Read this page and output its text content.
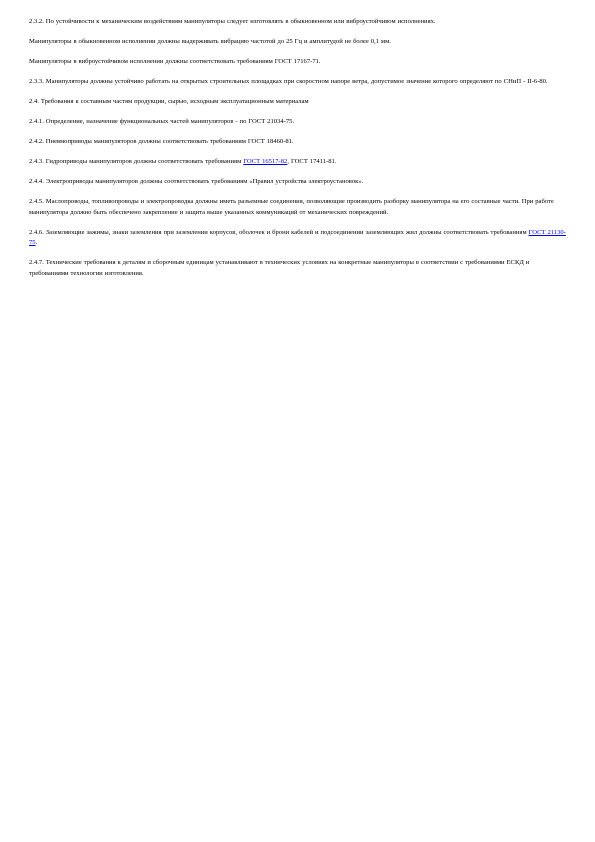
2.3.2. По устойчивости к механическим воздействиям манипуляторы следует изготовлять в обыкновенном или виброустойчивом исполнениях.

Манипуляторы в обыкновенном исполнении должны выдерживать вибрацию частотой до 25 Гц и амплитудой не более 0,1 мм.

Манипуляторы в виброустойчивом исполнении должны соответствовать требованиям ГОСТ 17167-71.

2.3.3. Манипуляторы должны устойчиво работать на открытых строительных площадках при скоростном напоре ветра, допустимое значение которого определяют по СНиП - II-6-80.

2.4. Требования к составным частям продукции, сырью, исходным эксплуатационным материалам

2.4.1. Определение, назначение функциональных частей манипуляторов - по ГОСТ 21034-75.

2.4.2. Пневмоприводы манипуляторов должны соответствовать требованиям ГОСТ 18460-81.

2.4.3. Гидроприводы манипуляторов должны соответствовать требованиям ГОСТ 16517-82, ГОСТ 17411-81.

2.4.4. Электроприводы манипуляторов должны соответствовать требованиям «Правил устройства электроустановок».

2.4.5. Маслопроводы, топливопроводы и электропроводка должны иметь разъемные соединения, позволяющие производить разборку манипулятора на его составные части. При работе манипулятора должно быть обеспечено закрепление и защита выше указанных коммуникаций от механических повреждений.

2.4.6. Заземляющие зажимы, знаки заземления при заземлении корпусов, оболочек и брони кабелей и подсоединении заземляющих жил должны соответствовать требованиям ГОСТ 21130-75.

2.4.7. Технические требования к деталям и сборочным единицам устанавливают в технических условиях на конкретные манипуляторы в соответствии с требованиями ЕСКД и требованиями технологии изготовления.
